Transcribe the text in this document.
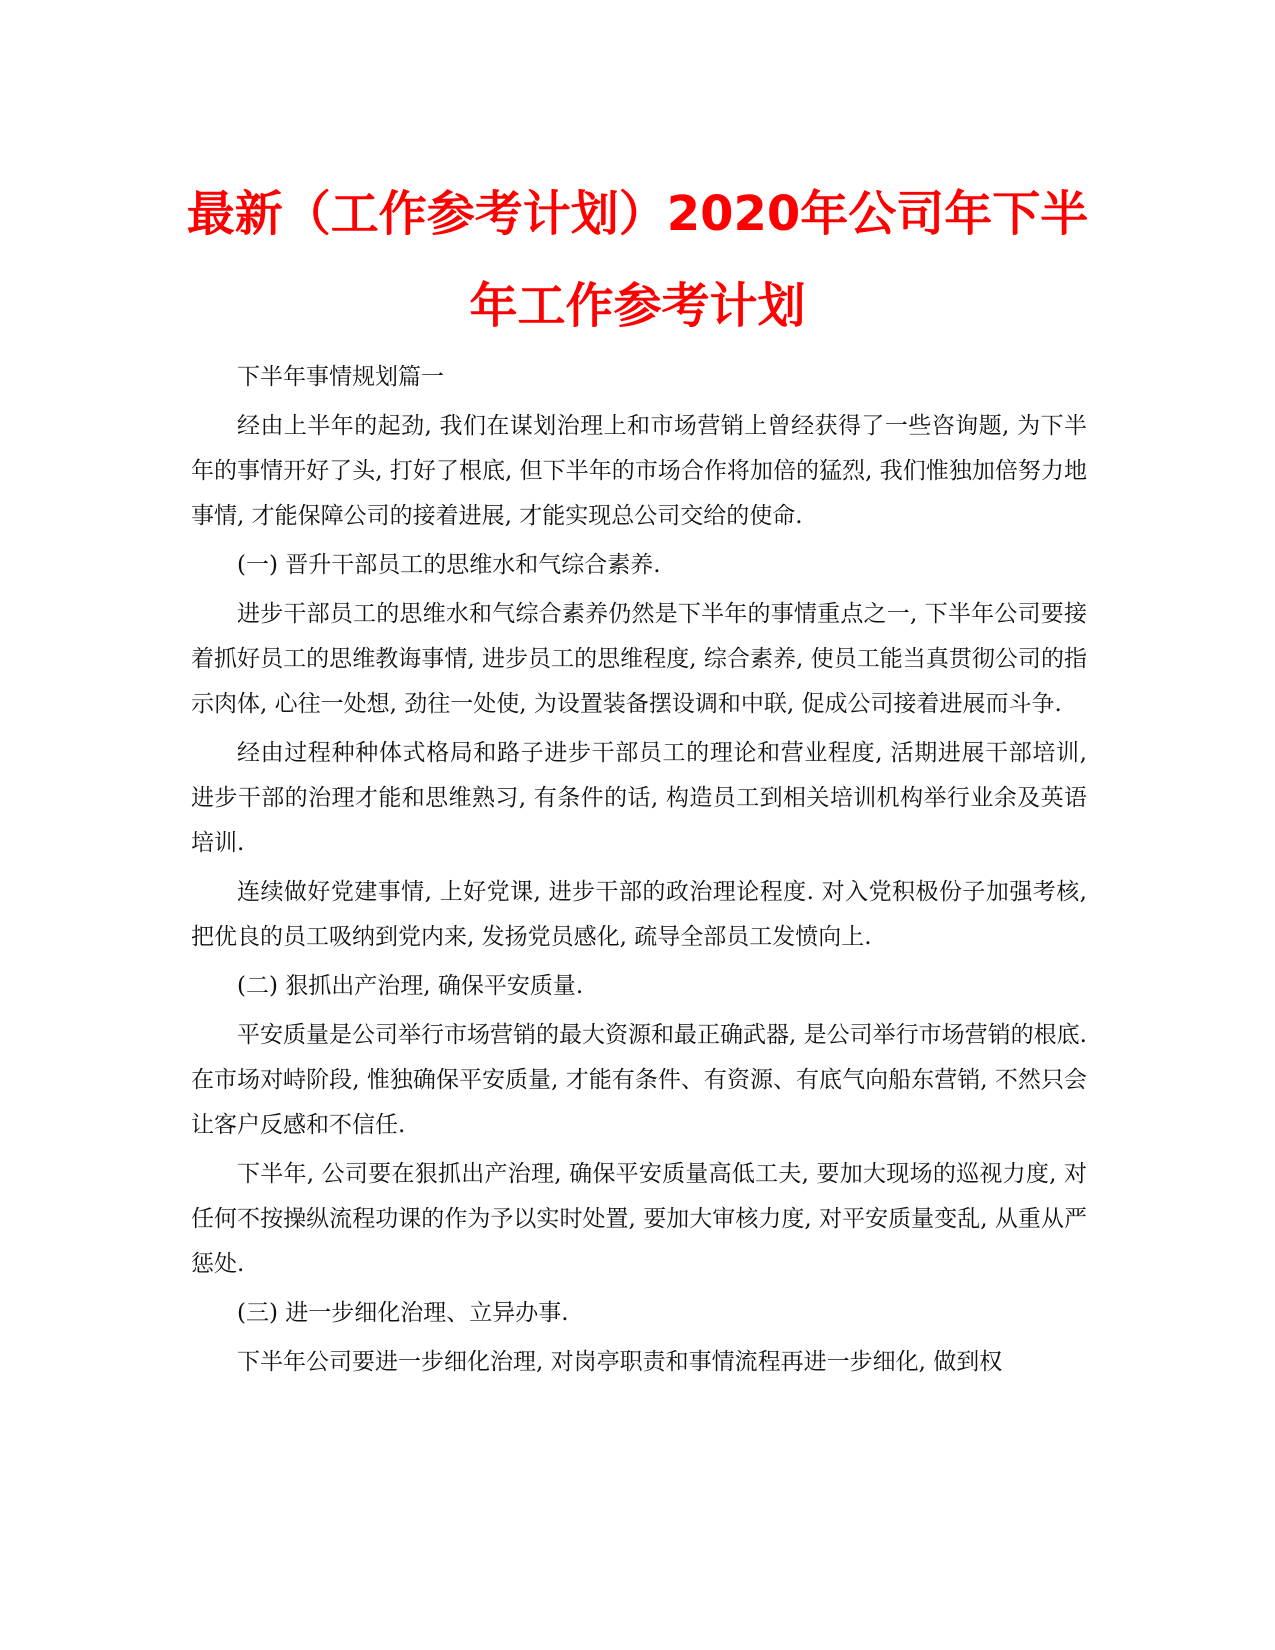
最新（工作参考计划）2020年公司年下半
年工作参考计划

下半年事情规划篇一

经由上半年的起劲, 我们在谋划治理上和市场营销上曾经获得了一些咨询题, 为下半年的事情开好了头, 打好了根底, 但下半年的市场合作将加倍的猛烈, 我们惟独加倍努力地事情, 才能保障公司的接着进展, 才能实现总公司交给的使命.

(一) 晋升干部员工的思维水和气综合素养.

进步干部员工的思维水和气综合素养仍然是下半年的事情重点之一, 下半年公司要接着抓好员工的思维教诲事情, 进步员工的思维程度, 综合素养, 使员工能当真贯彻公司的指示肉体, 心往一处想, 劲往一处使, 为设置装备摆设调和中联, 促成公司接着进展而斗争.

经由过程种种体式格局和路子进步干部员工的理论和营业程度, 活期进展干部培训, 进步干部的治理才能和思维熟习, 有条件的话, 构造员工到相关培训机构举行业余及英语培训.

连续做好党建事情, 上好党课, 进步干部的政治理论程度. 对入党积极份子加强考核, 把优良的员工吸纳到党内来, 发扬党员感化, 疏导全部员工发愤向上.

(二) 狠抓出产治理, 确保平安质量.

平安质量是公司举行市场营销的最大资源和最正确武器, 是公司举行市场营销的根底. 在市场对峙阶段, 惟独确保平安质量, 才能有条件、有资源、有底气向船东营销, 不然只会让客户反感和不信任.

下半年, 公司要在狠抓出产治理, 确保平安质量高低工夫, 要加大现场的巡视力度, 对任何不按操纵流程功课的作为予以实时处置, 要加大审核力度, 对平安质量变乱, 从重从严惩处.

(三) 进一步细化治理、立异办事.

下半年公司要进一步细化治理, 对岗亭职责和事情流程再进一步细化, 做到权
